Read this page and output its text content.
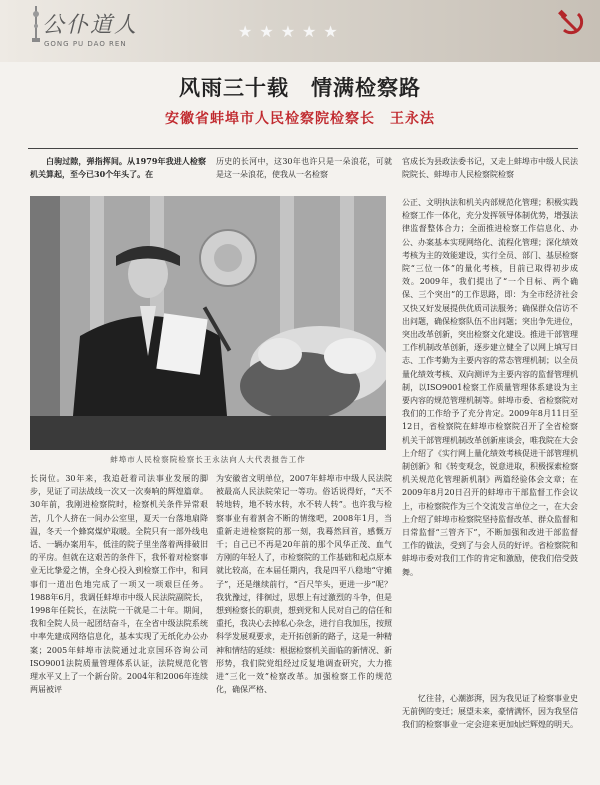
公仆道人
GONG PU DAO REN
★★★★★
风雨三十载　情满检察路
安徽省蚌埠市人民检察院检察长　王永法

白驹过隙，弹指挥间。从1979年我进人检察机关算起，至今已30个年头了。在

历史的长河中，这30年也许只是一朵浪花，可就是这一朵浪花，使我从一名检察
官成长为县政法委书记，又走上蚌埠市中级人民法院院长、蚌埠市人民检察院检察
蚌埠市人民检察院检察长王永法向人大代表报告工作
公正、文明执法和机关内部规范化管理；积极实践检察工作一体化，充分发挥领导体制优势，增强法律监督整体合力；全面推进检察工作信息化、办公、办案基本实现网络化、流程化管理；深化绩效考核为主的效能建设，实行全员、部门、基层检察院“三位一体”的量化考核，目前已取得初步成效。2009年，我们提出了“一个目标、两个确保、三个突出”的工作思路，即：为全市经济社会又快又好发展提供优质司法服务；确保群众信访不出问题，确保检察队伍不出问题；突出争先进位，突出改革创新，突出检察文化建设。推进干部管理工作机制改革创新，逐步建立健全了以网上填写日志、工作考勤为主要内容的常态管理机制；以全员量化绩效考核、双向测评为主要内容的监督管理机制，以ISO9001检察工作质量管理体系建设为主要内容的规范管理机制等。蚌埠市委、省检察院对我们的工作给予了充分肯定。2009年8月11日至12日，省检察院在蚌埠市检察院召开了全省检察机关干部管理机制改革创新座谈会，唯我院在大会上介绍了《实行网上量化绩效考核促进干部管理机制创新》和《转变观念，锐意进取，积极探索检察机关规范化管理新机制》两篇经验体会文章；在2009年8月20日召开的蚌埠市干部监督工作会议上，市检察院作为三个交流发言单位之一，在大会上介绍了蚌埠市检察院坚持监督改革、群众监督和日常监督“三管齐下”，不断加强和改进干部监督工作的做法，受到了与会人员的好评。省检察院和蚌埠市委对我们工作的肯定和激励，使我们倍受鼓舞。
长岗位。30年来，我追赶着司法事业发展的脚步，见证了司法战线一次又一次奏响的辉煌篇章。30年前，我刚进检察院时，检察机关条件异常艰苦，几个人挤在一间办公室里，夏天一台落地扇降温，冬天一个蜂窝煤炉取暖。全院只有一部外线电话、一辆办案用车，低洼的院子里坐落着两排破旧的平房。但就在这艰苦的条件下，我怀着对检察事业无比挚爱之情，全身心投入到检察工作中，和同事们一道出色地完成了一项又一项艰巨任务。1988年6月，我调任蚌埠市中级人民法院副院长，1998年任院长，在法院一干就是二十年。期间，我和全院人员一起团结奋斗，在全省中级法院系统中率先建成网络信息化，基本实现了无纸化办公办案；2005年蚌埠市法院通过北京国环咨询公司ISO9001法院质量管理体系认证，法院规范化管理水平又上了一个新台阶。2004年和2006年连续两届被评
为安徽省文明单位，2007年蚌埠市中级人民法院被最高人民法院荣记一等功。俗话说得好，“天不转地转，地不转水转，水不转人转”。也许我与检察事业有着割舍不断的情缘吧，2008年1月，当重新走进检察院的那一刻，我蓦然回首，感慨万千；自己已不再是20年前的那个风华正茂、血气方刚的年轻人了，市检察院的工作基础和起点原本就比较高，在本届任期内，我是四平八稳地“守摊子”，还是继续前行，“百尺竿头，更进一步”呢？我犹豫过，徘徊过，思想上有过激烈的斗争，但是想到检察长的职责，想到党和人民对自己的信任和重托，我决心去掉私心杂念，进行自我加压，按照科学发展观要求，走开拓创新的路子，这是一种精神和情结的延续：根据检察机关面临的新情况、新形势，我们院党组经过反复地调查研究，大力推进“三化一效”检察改革。加强检察工作的规范化，确保严格、

忆往昔，心潮澎湃，因为我见证了检察事业史无前例的变迁；展望未来，豪情满怀，因为我坚信我们的检察事业一定会迎来更加灿烂辉煌的明天。
